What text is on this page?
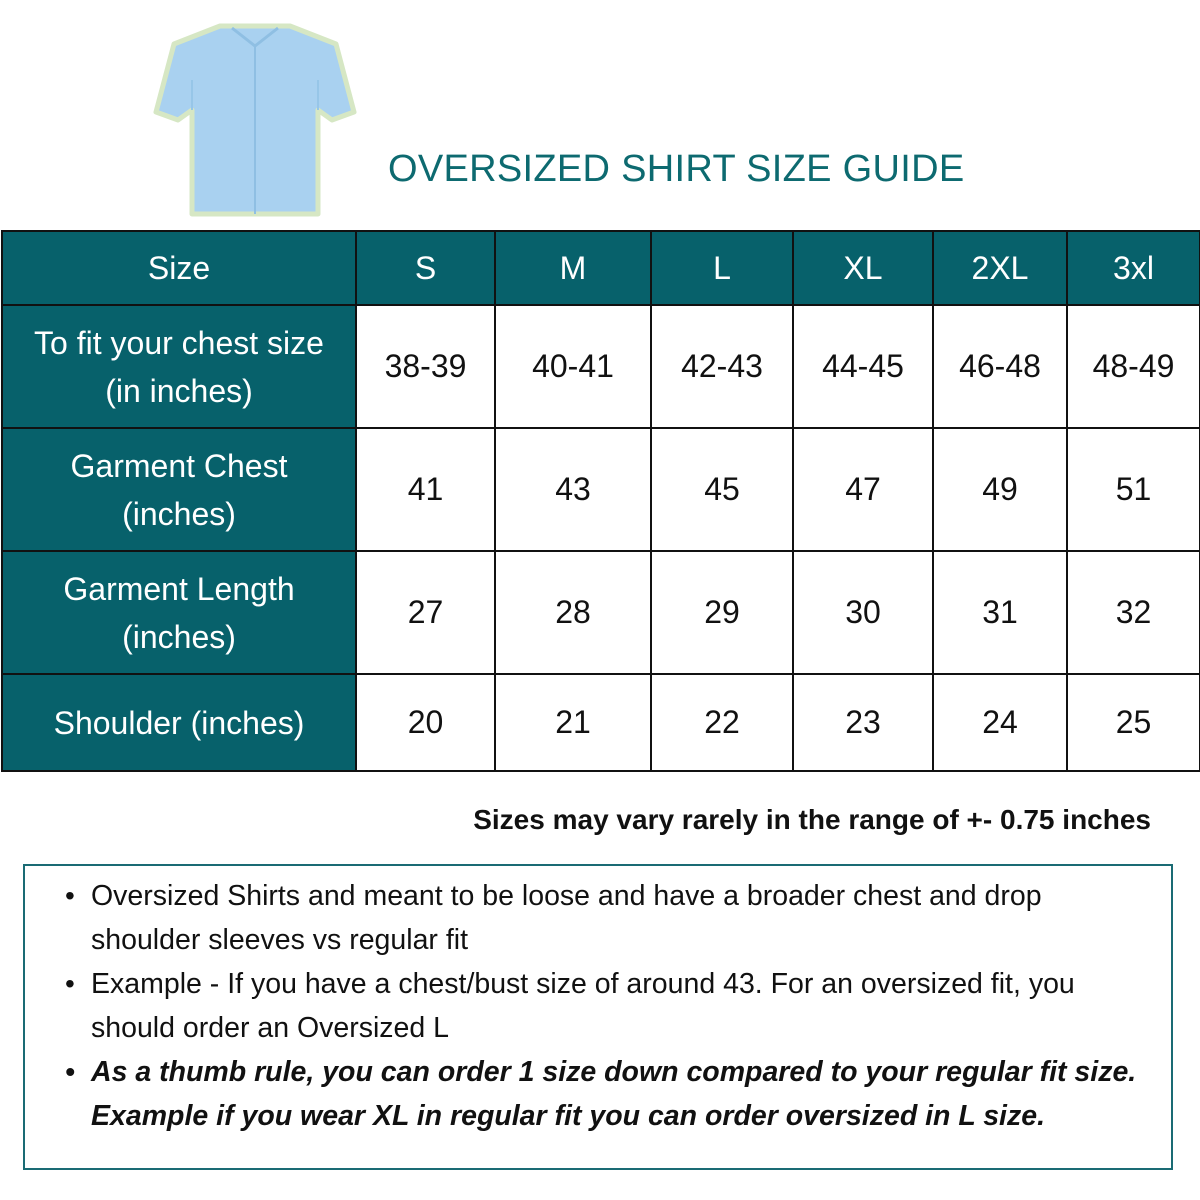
OVERSIZED SHIRT SIZE GUIDE
Size	S	M	L	XL	2XL	3xl
To fit your chest size
(in inches)	38-39	40-41	42-43	44-45	46-48	48-49
Garment Chest
(inches)	41	43	45	47	49	51
Garment Length
(inches)	27	28	29	30	31	32
Shoulder (inches)	20	21	22	23	24	25
Sizes may vary rarely in the range of +- 0.75 inches
• Oversized Shirts and meant to be loose and have a broader chest and drop shoulder sleeves vs regular fit
• Example - If you have a chest/bust size of around 43. For an oversized fit, you should order an Oversized L
• As a thumb rule, you can order 1 size down compared to your regular fit size. Example if you wear XL in regular fit you can order oversized in L size.
